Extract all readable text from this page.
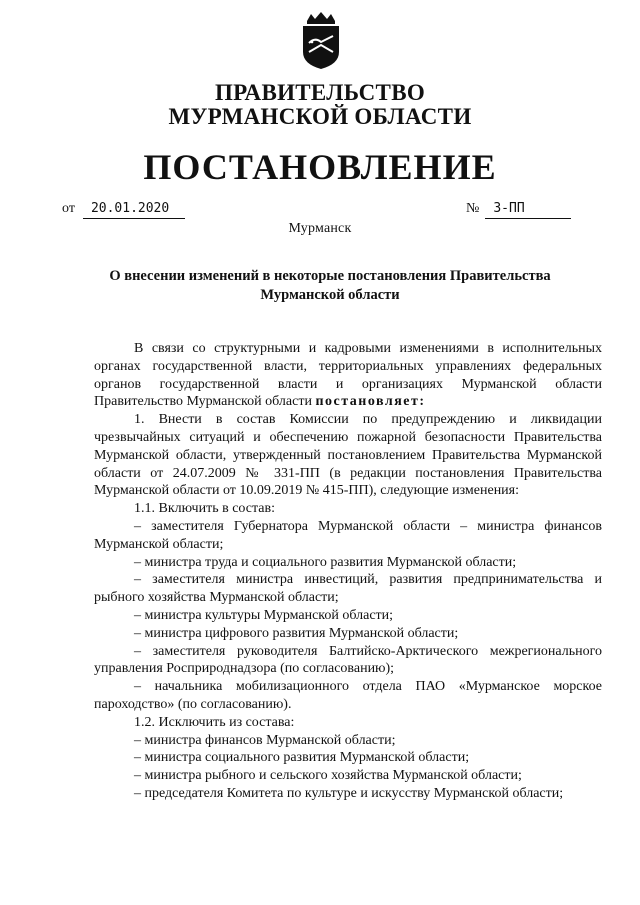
ПРАВИТЕЛЬСТВО
МУРМАНСКОЙ ОБЛАСТИ
ПОСТАНОВЛЕНИЕ
от 20.01.2020	№ 3-ПП
Мурманск
О внесении изменений в некоторые постановления Правительства Мурманской области

В связи со структурными и кадровыми изменениями в исполнительных органах государственной власти, территориальных управлениях федеральных органов государственной власти и организациях Мурманской области Правительство Мурманской области постановляет:

1. Внести в состав Комиссии по предупреждению и ликвидации чрезвычайных ситуаций и обеспечению пожарной безопасности Правительства Мурманской области, утвержденный постановлением Правительства Мурманской области от 24.07.2009 № 331-ПП (в редакции постановления Правительства Мурманской области от 10.09.2019 № 415-ПП), следующие изменения:

1.1. Включить в состав:

– заместителя Губернатора Мурманской области – министра финансов Мурманской области;

– министра труда и социального развития Мурманской области;

– заместителя министра инвестиций, развития предпринимательства и рыбного хозяйства Мурманской области;

– министра культуры Мурманской области;

– министра цифрового развития Мурманской области;

– заместителя руководителя Балтийско-Арктического межрегионального управления Росприроднадзора (по согласованию);

– начальника мобилизационного отдела ПАО «Мурманское морское пароходство» (по согласованию).

1.2. Исключить из состава:

– министра финансов Мурманской области;

– министра социального развития Мурманской области;

– министра рыбного и сельского хозяйства Мурманской области;

– председателя Комитета по культуре и искусству Мурманской области;
